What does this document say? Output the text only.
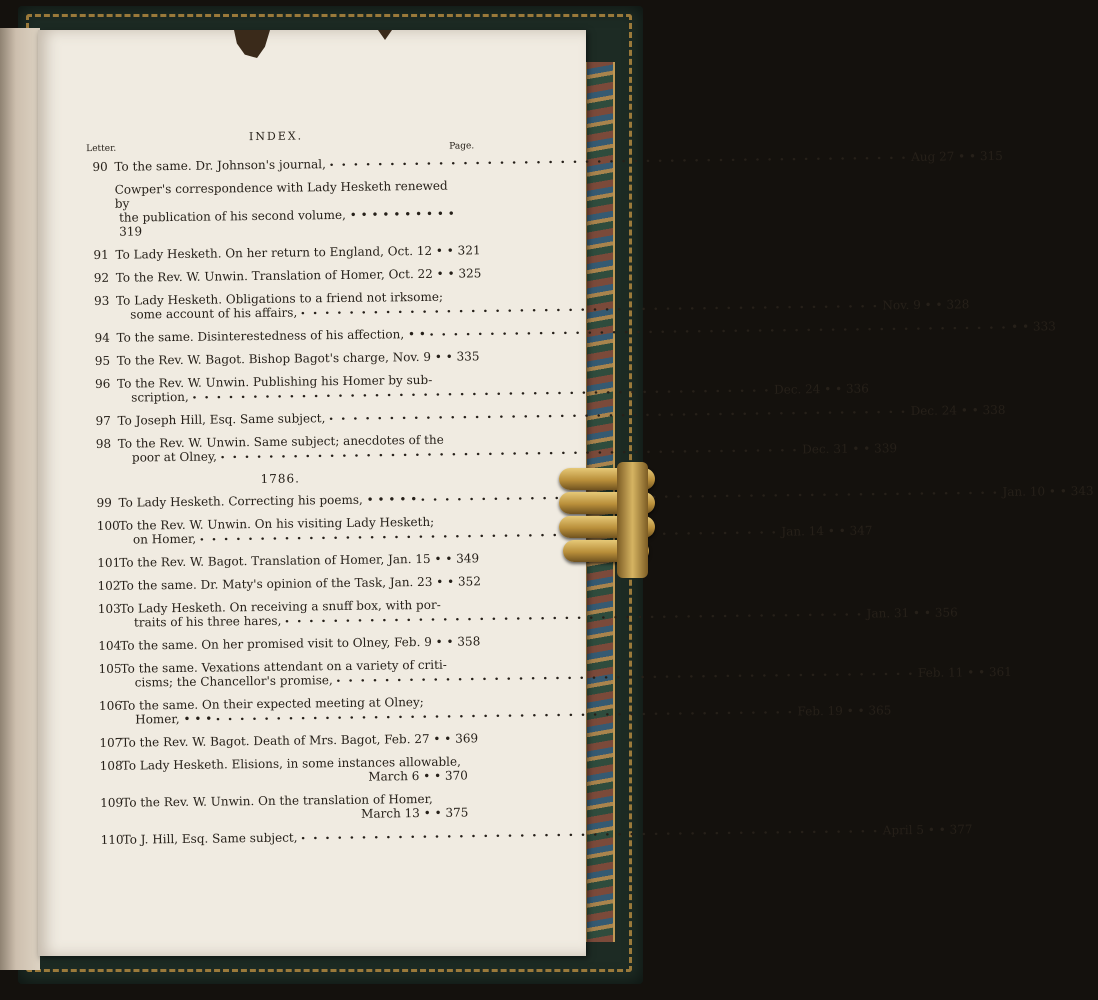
INDEX.
Letter.	Page.
90 To the same. Dr. Johnson's journal,
• • •
Aug 27 • • 315
Cowper's correspondence with Lady Hesketh renewed by
the publication of his second volume, • • • • • • • • • • 319
91 To Lady Hesketh. On her return to England, Oct. 12 • • 321
92 To the Rev. W. Unwin. Translation of Homer, Oct. 22 • • 325
93 To Lady Hesketh. Obligations to a friend not irksome;
some account of his affairs,
• • •
Nov. 9 • • 328
94 To the same. Disinterestedness of his affection, • •
• • •
• • 333
95 To the Rev. W. Bagot. Bishop Bagot's charge, Nov. 9 • • 335
96 To the Rev. W. Unwin. Publishing his Homer by sub-
scription,
• • •
Dec. 24 • • 336
97 To Joseph Hill, Esq. Same subject,
• • •
Dec. 24 • • 338
98 To the Rev. W. Unwin. Same subject; anecdotes of the
poor at Olney,
• • •
Dec. 31 • • 339
1786.
99 To Lady Hesketh. Correcting his poems, • • • • •
• • •
Jan. 10 • • 343
100
To the Rev. W. Unwin. On his visiting Lady Hesketh;
on Homer,
• • •
Jan. 14 • • 347
101
To the Rev. W. Bagot. Translation of Homer, Jan. 15 • • 349
102
To the same. Dr. Maty's opinion of the Task, Jan. 23 • • 352
103
To Lady Hesketh. On receiving a snuff box, with por-
traits of his three hares,
• • •
Jan. 31 • • 356
104
To the same. On her promised visit to Olney, Feb. 9 • • 358
105
To the same. Vexations attendant on a variety of criti-
cisms; the Chancellor's promise,
• • •
Feb. 11 • • 361
106
To the same. On their expected meeting at Olney;
Homer, • • •
• • •
Feb. 19 • • 365
107
To the Rev. W. Bagot. Death of Mrs. Bagot, Feb. 27 • • 369
108
To Lady Hesketh. Elisions, in some instances allowable,
March 6 • • 370
109
To the Rev. W. Unwin. On the translation of Homer,
March 13 • • 375
110
To J. Hill, Esq. Same subject,
• • •
April 5 • • 377
